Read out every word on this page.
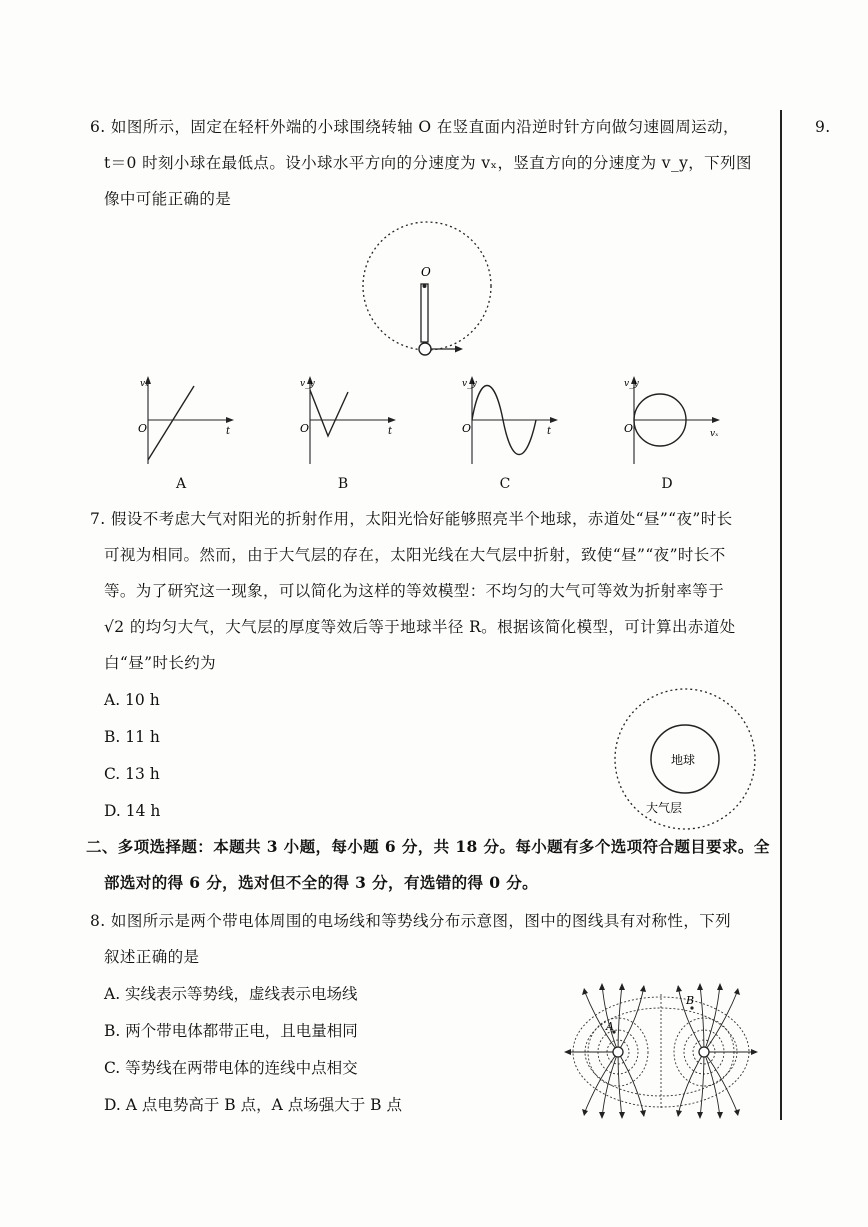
9.
6. 如图所示，固定在轻杆外端的小球围绕转轴 O 在竖直面内沿逆时针方向做匀速圆周运动，
t＝0 时刻小球在最低点。设小球水平方向的分速度为 vₓ，竖直方向的分速度为 v_y，下列图
像中可能正确的是
O
vₓ
t
O
v_y
t
O
v_y
t
O
v_y
vₓ
O
A	B	C	D
7. 假设不考虑大气对阳光的折射作用，太阳光恰好能够照亮半个地球，赤道处“昼”“夜”时长
可视为相同。然而，由于大气层的存在，太阳光线在大气层中折射，致使“昼”“夜”时长不
等。为了研究这一现象，可以简化为这样的等效模型：不均匀的大气可等效为折射率等于
√2 的均匀大气，大气层的厚度等效后等于地球半径 R。根据该简化模型，可计算出赤道处
白“昼”时长约为
A. 10 h
B. 11 h
C. 13 h
D. 14 h
地球
大气层
二、多项选择题：本题共 3 小题，每小题 6 分，共 18 分。每小题有多个选项符合题目要求。全
部选对的得 6 分，选对但不全的得 3 分，有选错的得 0 分。
8. 如图所示是两个带电体周围的电场线和等势线分布示意图，图中的图线具有对称性，下列
叙述正确的是
A. 实线表示等势线，虚线表示电场线
B. 两个带电体都带正电，且电量相同
C. 等势线在两带电体的连线中点相交
D. A 点电势高于 B 点，A 点场强大于 B 点
A
B
